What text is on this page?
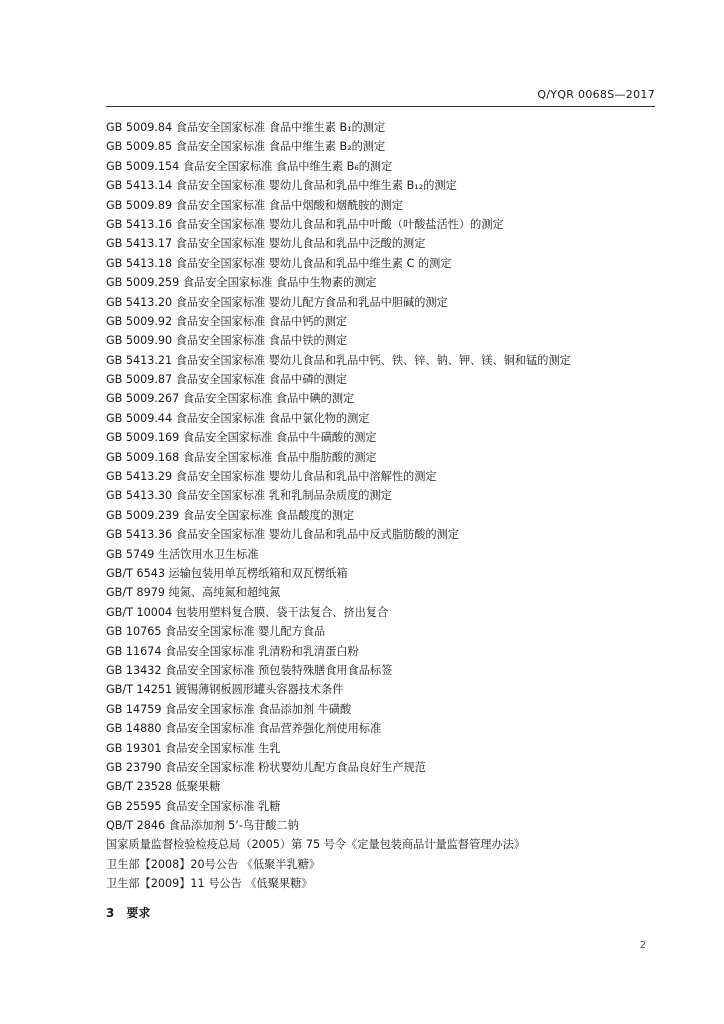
Q/YQR 0068S—2017
GB 5009.84 食品安全国家标准 食品中维生素 B₁的测定
GB 5009.85 食品安全国家标准 食品中维生素 B₂的测定
GB 5009.154 食品安全国家标准 食品中维生素 B₆的测定
GB 5413.14 食品安全国家标准 婴幼儿食品和乳品中维生素 B₁₂的测定
GB 5009.89 食品安全国家标准 食品中烟酸和烟酰胺的测定
GB 5413.16 食品安全国家标准 婴幼儿食品和乳品中叶酸（叶酸盐活性）的测定
GB 5413.17 食品安全国家标准 婴幼儿食品和乳品中泛酸的测定
GB 5413.18 食品安全国家标准 婴幼儿食品和乳品中维生素 C 的测定
GB 5009.259 食品安全国家标准 食品中生物素的测定
GB 5413.20 食品安全国家标准 婴幼儿配方食品和乳品中胆碱的测定
GB 5009.92 食品安全国家标准 食品中钙的测定
GB 5009.90 食品安全国家标准 食品中铁的测定
GB 5413.21 食品安全国家标准 婴幼儿食品和乳品中钙、铁、锌、钠、钾、镁、铜和锰的测定
GB 5009.87 食品安全国家标准 食品中磷的测定
GB 5009.267 食品安全国家标准 食品中碘的测定
GB 5009.44 食品安全国家标准 食品中氯化物的测定
GB 5009.169 食品安全国家标准 食品中牛磺酸的测定
GB 5009.168 食品安全国家标准 食品中脂肪酸的测定
GB 5413.29 食品安全国家标准 婴幼儿食品和乳品中溶解性的测定
GB 5413.30 食品安全国家标准 乳和乳制品杂质度的测定
GB 5009.239 食品安全国家标准 食品酸度的测定
GB 5413.36 食品安全国家标准 婴幼儿食品和乳品中反式脂肪酸的测定
GB 5749 生活饮用水卫生标准
GB/T 6543 运输包装用单瓦楞纸箱和双瓦楞纸箱
GB/T 8979 纯氮、高纯氮和超纯氮
GB/T 10004 包装用塑料复合膜、袋干法复合、挤出复合
GB 10765 食品安全国家标准 婴儿配方食品
GB 11674 食品安全国家标准 乳清粉和乳清蛋白粉
GB 13432 食品安全国家标准 预包装特殊膳食用食品标签
GB/T 14251 镀锡薄钢板圆形罐头容器技术条件
GB 14759 食品安全国家标准 食品添加剂 牛磺酸
GB 14880 食品安全国家标准 食品营养强化剂使用标准
GB 19301 食品安全国家标准 生乳
GB 23790 食品安全国家标准 粉状婴幼儿配方食品良好生产规范
GB/T 23528 低聚果糖
GB 25595 食品安全国家标准 乳糖
QB/T 2846 食品添加剂 5’-鸟苷酸二钠
国家质量监督检验检疫总局（2005）第 75 号令《定量包装商品计量监督管理办法》
卫生部【2008】20号公告 《低聚半乳糖》
卫生部【2009】11 号公告 《低聚果糖》
3 要求
2
